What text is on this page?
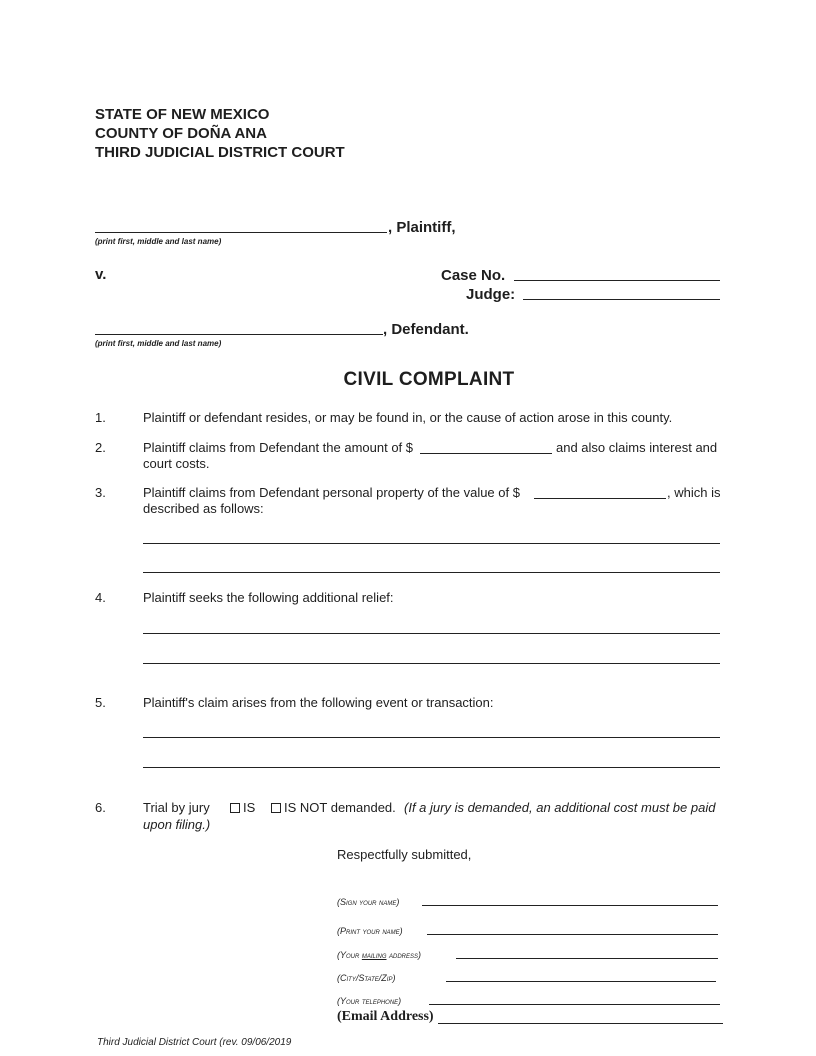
STATE OF NEW MEXICO
COUNTY OF DOÑA ANA
THIRD JUDICIAL DISTRICT COURT
, Plaintiff,
(print first, middle and last name)
v.	Case No.
Judge:
, Defendant.
(print first, middle and last name)
CIVIL COMPLAINT
1.	Plaintiff or defendant resides, or may be found in, or the cause of action arose in this county.
2.	Plaintiff claims from Defendant the amount of $	and also claims interest and
court costs.
3.	Plaintiff claims from Defendant personal property of the value of $	, which is
described as follows:
4.	Plaintiff seeks the following additional relief:
5.	Plaintiff's claim arises from the following event or transaction:
6.	Trial by jury	IS	IS NOT demanded. (If a jury is demanded, an additional cost must be paid
upon filing.)
Respectfully submitted,
(Sign your name)
(Print your name)
(Your mailing address)
(City/State/Zip)
(Your telephone)
(Email Address)
Third Judicial District Court (rev. 09/06/2019
